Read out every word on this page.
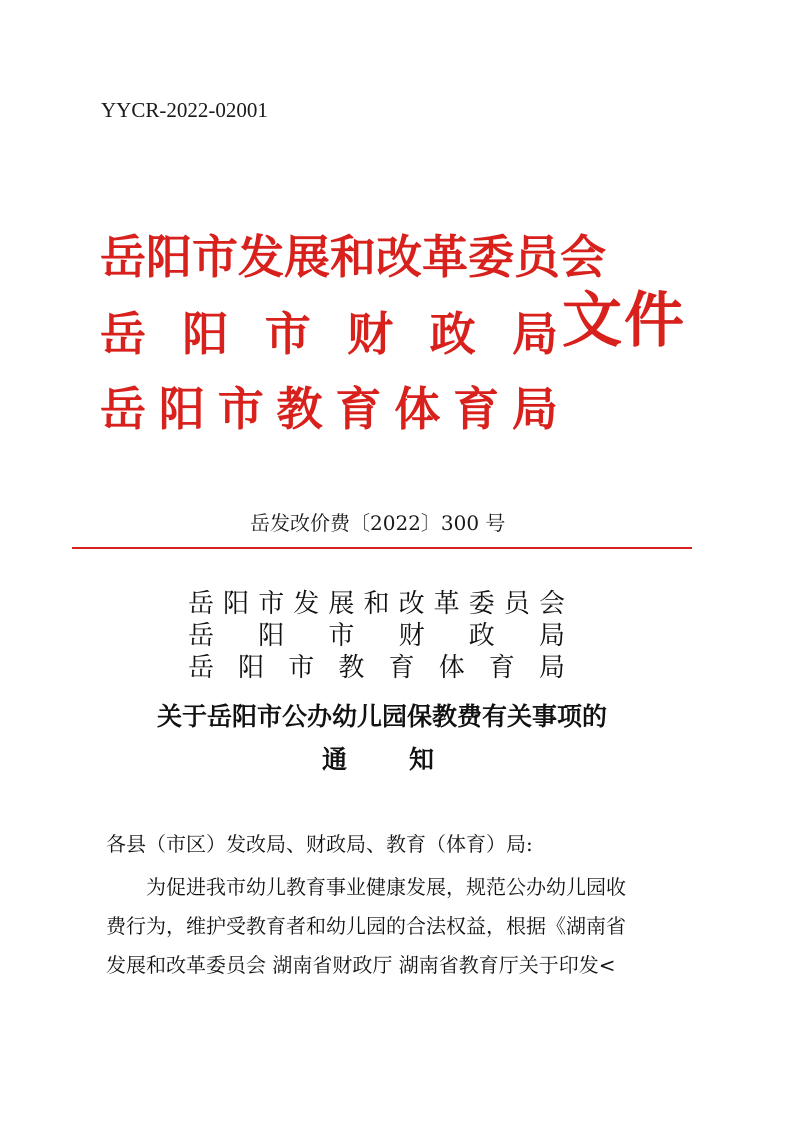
YYCR-2022-02001
岳 阳 市 发 展 和 改 革 委 员 会
岳 阳 市 财 政 局
岳 阳 市 教 育 体 育 局
文件
岳发改价费〔2022〕300 号
岳 阳 市 发 展 和 改 革 委 员 会
岳 阳 市 财 政 局
岳 阳 市 教 育 体 育 局
关于岳阳市公办幼儿园保教费有关事项的
通 知
各县（市区）发改局、财政局、教育（体育）局:
为促进我市幼儿教育事业健康发展，规范公办幼儿园收
费行为，维护受教育者和幼儿园的合法权益，根据《湖南省
发展和改革委员会 湖南省财政厅 湖南省教育厅关于印发<
